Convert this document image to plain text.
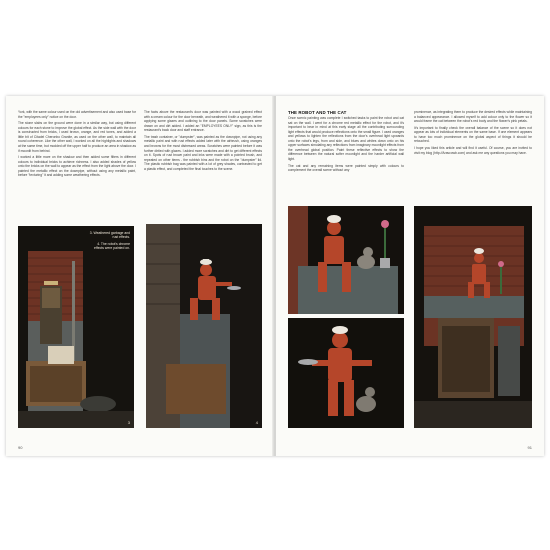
York, with the same colour used on the old advertisement and also used base for the "employees only" notice on the door.

The stone slabs on the ground were done in a similar way, but using different colours for each stone to improve the global effect. As the side wall with the door is constructed from bricks, I used brown, orange, and red tones, and added a little bit of Citadel Cheronbo Granite, as used on the other wall, to maintain all round coherence. Like the other wall, I worked on all the highlights and shadows at the same time, but modded off the upper half to produce an area in shadow as if moonlit from behind.

I worked a little more on the shadow and then added some filters in different colours to individual bricks to achieve richness. I also added shades of yellow onto the bricks on the wall to appear as the effect from the light above the door. I painted the metallic effect on the downpipe, without using any metallic paint, before "texturing" it and adding some weathering effects.

The facts above the restaurant's door was painted with a wood grained effect with a cream colour for the door beneath, and weathered it with a sponge, before applying some glazes and outlining to the door panels. Some scratches were drawn on and dirt added. I added an "EMPLOYEES ONLY" sign, as this is the restaurant's back door and staff entrance.

The trash container, or "dumpster", was painted as the downpipe, not using any metallic paint and with rust effects added later with the airbrush, using oranges and browns for the most distressed areas. Scratches were painted before it was further dirtied with glazes. I added more scratches and dirt to get different effects on it. Spots of rust brown paint and inks were made with a pointed brush, and repeated on other items - the rubbish bins and the robot on the "dumpster" lid. The plastic rubbish bag was painted with a lot of grey shades, contrasted to get a plastic effect, and completed the final touches to the scene.

3
3. Weathered garbage and
rust effects.
4. The robot's chrome
effects were painted on.
4
90
THE ROBOT AND THE CAT

Once scenic painting was complete I switched tasks to paint the robot and cat sat on the wall. I went for a chrome red metallic effect for the robot, and it's important to bear in mind at this early stage all the contributing surrounding light effects that would produce reflections onto the small figure. I used oranges and yellows to lighten the reflections from the door's overhead light upwards onto the robot's legs, from and side, and blues and whites down onto on his upper surfaces simulating any reflections from imaginary moonlight effects from the overhead global position. Paint these reflective effects to show the difference between the natural softer moonlight and the harder artificial wall light.

The cat and any remaining items were painted simply with colours to complement the overall scene without any

prominence, as integrating them to produce the desired effects while maintaining a balanced appearance. I allowed myself to add colour only to the flower so it would frame the cat between the robot's red body and the flower's pink petals.

It's important to finally check the overall balance of the scene so it does not appear as lots of individual elements on the same base. If one element appears to have too much prominence on the global aspect of things it should be retouched.

I hope you liked this article and will find it useful. Of course, you are invited to visit my blog (http://Aravcowb.com) and ask me any questions you may have.

91
